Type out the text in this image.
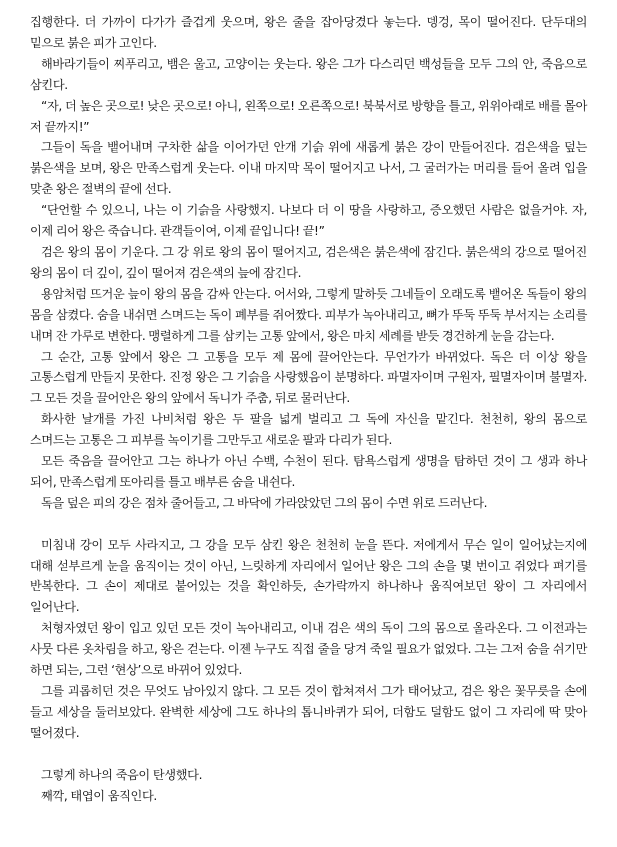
집행한다. 더 가까이 다가가 즐겁게 웃으며, 왕은 줄을 잡아당겼다 놓는다. 뎅겅, 목이 떨어진다. 단두대의 밑으로 붉은 피가 고인다.

해바라기들이 찌푸리고, 뱀은 울고, 고양이는 웃는다. 왕은 그가 다스리던 백성들을 모두 그의 안, 죽음으로 삼킨다.

“자, 더 높은 곳으로! 낮은 곳으로! 아니, 왼쪽으로! 오른쪽으로! 북북서로 방향을 틀고, 위위아래로 배를 몰아 저 끝까지!”

그들이 독을 뱉어내며 구차한 삶을 이어가던 안개 기슭 위에 새롭게 붉은 강이 만들어진다. 검은색을 덮는 붉은색을 보며, 왕은 만족스럽게 웃는다. 이내 마지막 목이 떨어지고 나서, 그 굴러가는 머리를 들어 올려 입을 맞춘 왕은 절벽의 끝에 선다.

“단언할 수 있으니, 나는 이 기슭을 사랑했지. 나보다 더 이 땅을 사랑하고, 증오했던 사람은 없을거야. 자, 이제 리어 왕은 죽습니다. 관객들이여, 이제 끝입니다! 끝!”

검은 왕의 몸이 기운다. 그 강 위로 왕의 몸이 떨어지고, 검은색은 붉은색에 잠긴다. 붉은색의 강으로 떨어진 왕의 몸이 더 깊이, 깊이 떨어져 검은색의 늪에 잠긴다.

용암처럼 뜨거운 늪이 왕의 몸을 감싸 안는다. 어서와, 그렇게 말하듯 그네들이 오래도록 뱉어온 독들이 왕의 몸을 삼켰다. 숨을 내쉬면 스며드는 독이 폐부를 쥐어짰다. 피부가 녹아내리고, 뼈가 뚜둑 뚜둑 부서지는 소리를 내며 잔 가루로 변한다. 맹렬하게 그를 삼키는 고통 앞에서, 왕은 마치 세례를 받듯 경건하게 눈을 감는다.

그 순간, 고통 앞에서 왕은 그 고통을 모두 제 몸에 끌어안는다. 무언가가 바뀌었다. 독은 더 이상 왕을 고통스럽게 만들지 못한다. 진정 왕은 그 기슭을 사랑했음이 분명하다. 파멸자이며 구원자, 필멸자이며 불멸자. 그 모든 것을 끌어안은 왕의 앞에서 독니가 주춤, 뒤로 물러난다.

화사한 날개를 가진 나비처럼 왕은 두 팔을 넓게 벌리고 그 독에 자신을 맡긴다. 천천히, 왕의 몸으로 스며드는 고통은 그 피부를 녹이기를 그만두고 새로운 팔과 다리가 된다.

모든 죽음을 끌어안고 그는 하나가 아닌 수백, 수천이 된다. 탐욕스럽게 생명을 탐하던 것이 그 생과 하나 되어, 만족스럽게 또아리를 틀고 배부른 숨을 내쉰다.

독을 덮은 피의 강은 점차 줄어들고, 그 바닥에 가라앉았던 그의 몸이 수면 위로 드러난다.

미침내 강이 모두 사라지고, 그 강을 모두 삼킨 왕은 천천히 눈을 뜬다. 저에게서 무슨 일이 일어났는지에 대해 섣부르게 눈을 움직이는 것이 아닌, 느릿하게 자리에서 일어난 왕은 그의 손을 몇 번이고 쥐었다 펴기를 반복한다. 그 손이 제대로 붙어있는 것을 확인하듯, 손가락까지 하나하나 움직여보던 왕이 그 자리에서 일어난다.

처형자였던 왕이 입고 있던 모든 것이 녹아내리고, 이내 검은 색의 독이 그의 몸으로 올라온다. 그 이전과는 사뭇 다른 옷차림을 하고, 왕은 걷는다. 이젠 누구도 직접 줄을 당겨 죽일 필요가 없었다. 그는 그저 숨을 쉬기만 하면 되는, 그런 ‘현상’으로 바뀌어 있었다.

그를 괴롭히던 것은 무엇도 남아있지 않다. 그 모든 것이 합쳐져서 그가 태어났고, 검은 왕은 꽃무릇을 손에 들고 세상을 둘러보았다. 완벽한 세상에 그도 하나의 톱니바퀴가 되어, 더함도 덜함도 없이 그 자리에 딱 맞아 떨어졌다.

그렇게 하나의 죽음이 탄생했다.

째깍, 태엽이 움직인다.
